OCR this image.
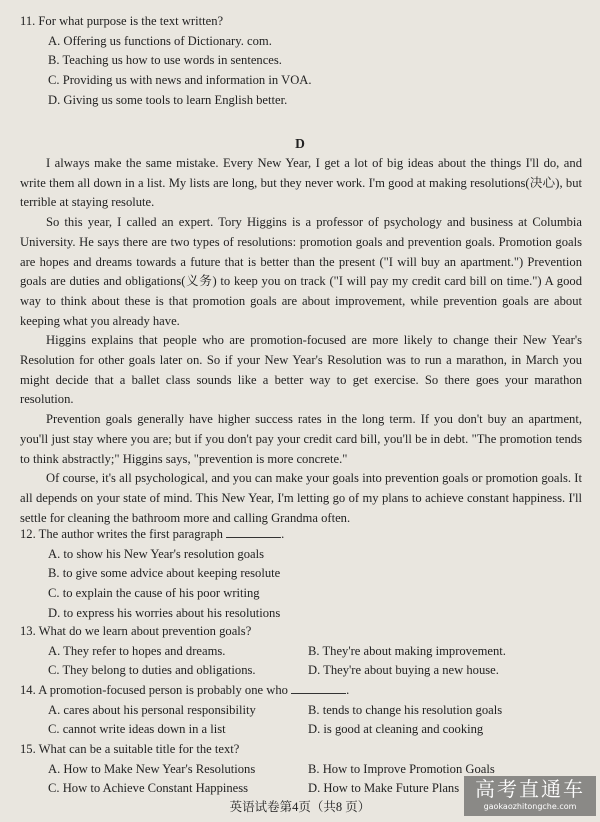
11. For what purpose is the text written?

A. Offering us functions of Dictionary. com.

B. Teaching us how to use words in sentences.

C. Providing us with news and information in VOA.

D. Giving us some tools to learn English better.

D

I always make the same mistake. Every New Year, I get a lot of big ideas about the things I'll do, and write them all down in a list. My lists are long, but they never work. I'm good at making resolutions(决心), but terrible at staying resolute.

So this year, I called an expert. Tory Higgins is a professor of psychology and business at Columbia University. He says there are two types of resolutions: promotion goals and prevention goals. Promotion goals are hopes and dreams towards a future that is better than the present ("I will buy an apartment.") Prevention goals are duties and obligations(义务) to keep you on track ("I will pay my credit card bill on time.") A good way to think about these is that promotion goals are about improvement, while prevention goals are about keeping what you already have.

Higgins explains that people who are promotion-focused are more likely to change their New Year's Resolution for other goals later on. So if your New Year's Resolution was to run a marathon, in March you might decide that a ballet class sounds like a better way to get exercise. So there goes your marathon resolution.

Prevention goals generally have higher success rates in the long term. If you don't buy an apartment, you'll just stay where you are; but if you don't pay your credit card bill, you'll be in debt. "The promotion tends to think abstractly;" Higgins says, "prevention is more concrete."

Of course, it's all psychological, and you can make your goals into prevention goals or promotion goals. It all depends on your state of mind. This New Year, I'm letting go of my plans to achieve constant happiness. I'll settle for cleaning the bathroom more and calling Grandma often.

12. The author writes the first paragraph	.

A. to show his New Year's resolution goals

B. to give some advice about keeping resolute

C. to explain the cause of his poor writing

D. to express his worries about his resolutions

13. What do we learn about prevention goals?

A. They refer to hopes and dreams.	B. They're about making improvement.
C. They belong to duties and obligations.	D. They're about buying a new house.

14. A promotion-focused person is probably one who	.

A. cares about his personal responsibility	B. tends to change his resolution goals
C. cannot write ideas down in a list	D. is good at cleaning and cooking

15. What can be a suitable title for the text?

A. How to Make New Year's Resolutions	B. How to Improve Promotion Goals
C. How to Achieve Constant Happiness	D. How to Make Future Plans
英语试卷第4页（共8 页）
高考直通车
gaokaozhitongche.com
